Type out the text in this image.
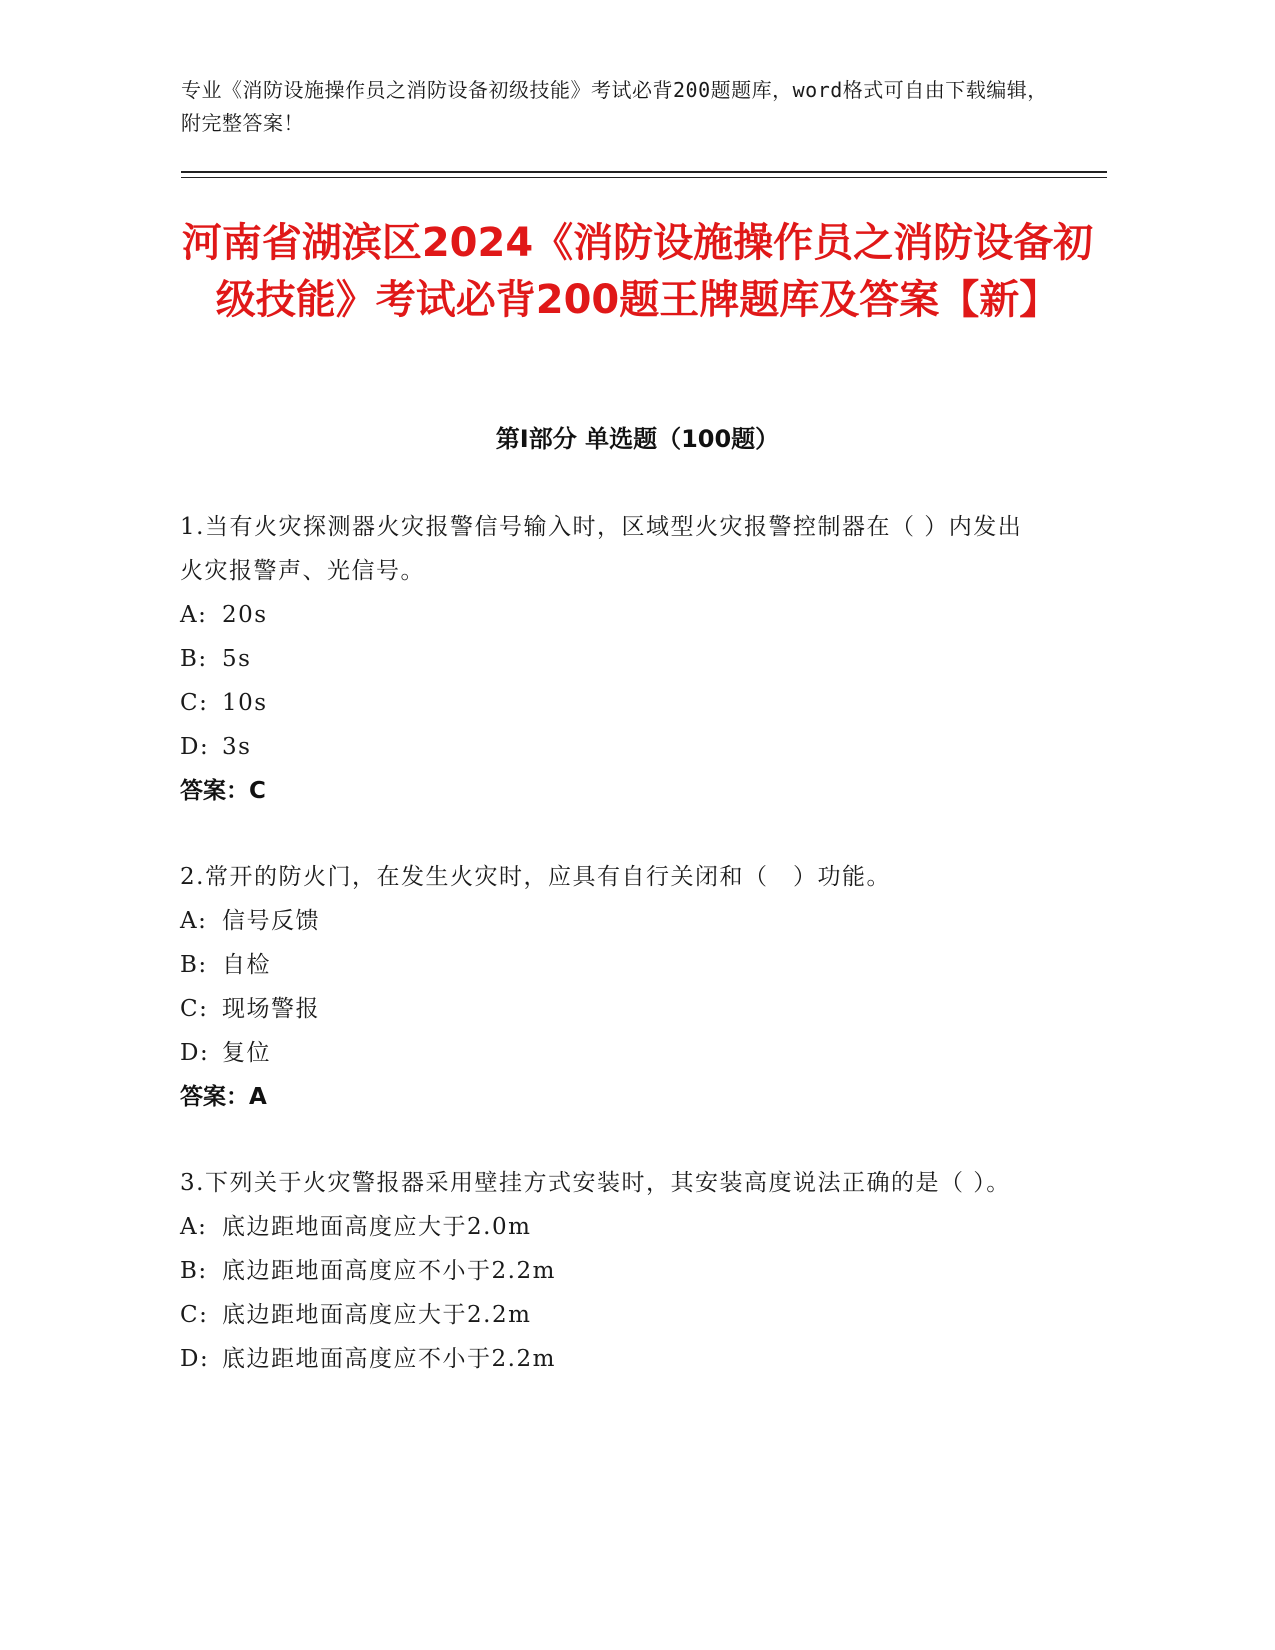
专业《消防设施操作员之消防设备初级技能》考试必背200题题库，word格式可自由下载编辑，附完整答案！
河南省湖滨区2024《消防设施操作员之消防设备初级技能》考试必背200题王牌题库及答案【新】
第I部分 单选题（100题）
1.当有火灾探测器火灾报警信号输入时，区域型火灾报警控制器在（ ）内发出火灾报警声、光信号。
A: 20s
B: 5s
C: 10s
D: 3s
答案：C
2.常开的防火门，在发生火灾时，应具有自行关闭和（　）功能。
A: 信号反馈
B: 自检
C: 现场警报
D: 复位
答案：A
3.下列关于火灾警报器采用壁挂方式安装时，其安装高度说法正确的是（ ）。
A: 底边距地面高度应大于2.0m
B: 底边距地面高度应不小于2.2m
C: 底边距地面高度应大于2.2m
D: 底边距地面高度应不小于2.2m
